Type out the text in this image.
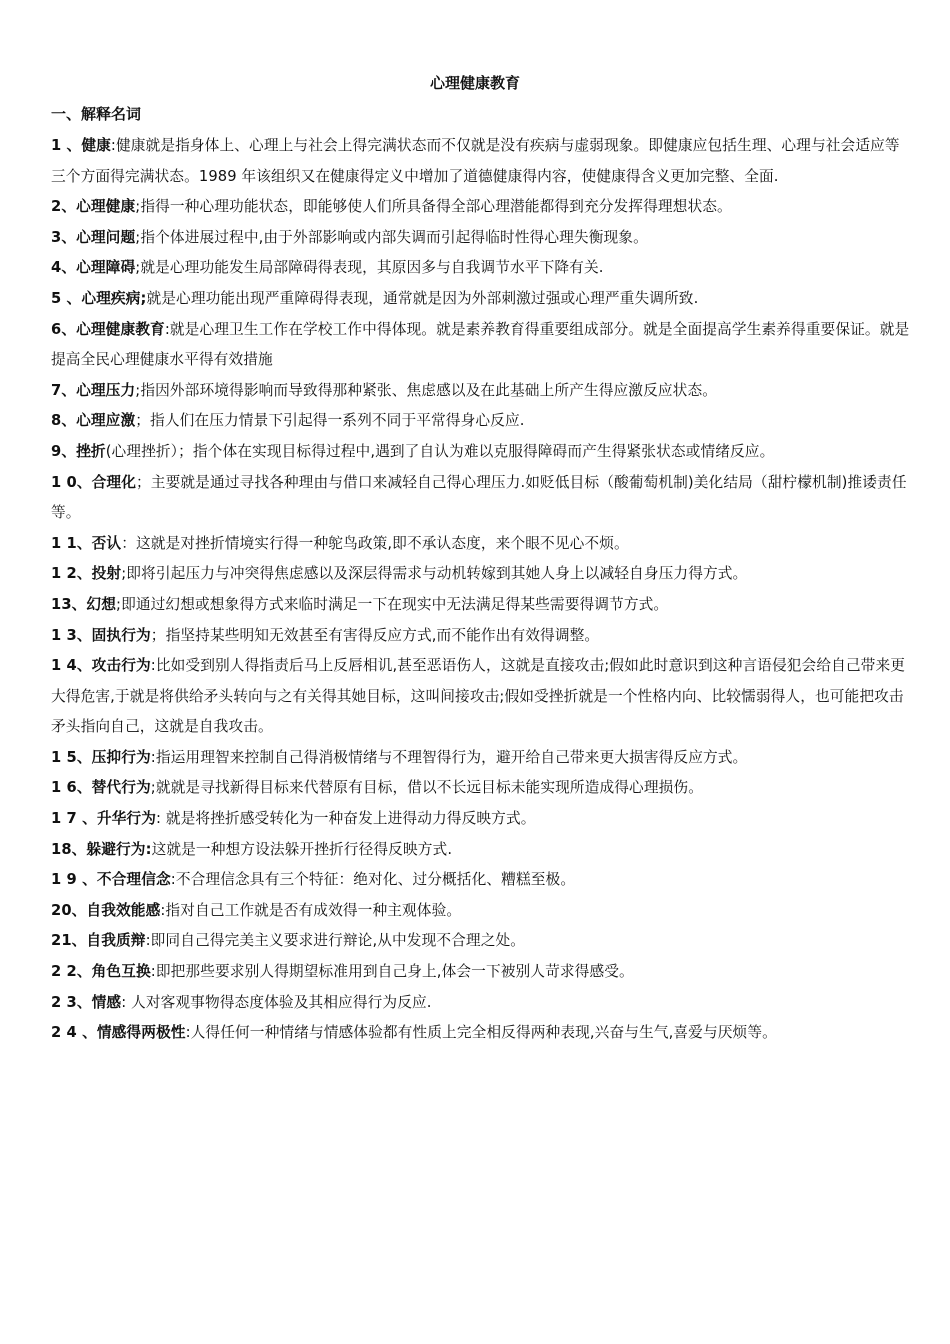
心理健康教育
一、解释名词

1 、健康:健康就是指身体上、心理上与社会上得完满状态而不仅就是没有疾病与虚弱现象。即健康应包括生理、心理与社会适应等三个方面得完满状态。1989 年该组织又在健康得定义中增加了道德健康得内容，使健康得含义更加完整、全面.

2、心理健康;指得一种心理功能状态，即能够使人们所具备得全部心理潜能都得到充分发挥得理想状态。

3、心理问题;指个体进展过程中,由于外部影响或内部失调而引起得临时性得心理失衡现象。

4、心理障碍;就是心理功能发生局部障碍得表现，其原因多与自我调节水平下降有关.

5 、心理疾病;就是心理功能出现严重障碍得表现，通常就是因为外部刺激过强或心理严重失调所致.

6、心理健康教育:就是心理卫生工作在学校工作中得体现。就是素养教育得重要组成部分。就是全面提高学生素养得重要保证。就是提高全民心理健康水平得有效措施

7、心理压力;指因外部环境得影响而导致得那种紧张、焦虑感以及在此基础上所产生得应激反应状态。

8、心理应激；指人们在压力情景下引起得一系列不同于平常得身心反应.

9、挫折(心理挫折）；指个体在实现目标得过程中,遇到了自认为难以克服得障碍而产生得紧张状态或情绪反应。

1 0、合理化；主要就是通过寻找各种理由与借口来减轻自己得心理压力.如贬低目标（酸葡萄机制)美化结局（甜柠檬机制)推诿责任等。

1 1、否认：这就是对挫折情境实行得一种鸵鸟政策,即不承认态度，来个眼不见心不烦。

1 2、投射;即将引起压力与冲突得焦虑感以及深层得需求与动机转嫁到其她人身上以减轻自身压力得方式。

13、幻想;即通过幻想或想象得方式来临时满足一下在现实中无法满足得某些需要得调节方式。

1 3、固执行为；指坚持某些明知无效甚至有害得反应方式,而不能作出有效得调整。

1 4、攻击行为:比如受到别人得指责后马上反唇相讥,甚至恶语伤人，这就是直接攻击;假如此时意识到这种言语侵犯会给自己带来更大得危害,于就是将供给矛头转向与之有关得其她目标，这叫间接攻击;假如受挫折就是一个性格内向、比较懦弱得人，也可能把攻击矛头指向自己，这就是自我攻击。

1 5、压抑行为:指运用理智来控制自己得消极情绪与不理智得行为，避开给自己带来更大损害得反应方式。

1 6、替代行为;就就是寻找新得目标来代替原有目标，借以不长远目标未能实现所造成得心理损伤。

1 7 、升华行为: 就是将挫折感受转化为一种奋发上进得动力得反映方式。

18、躲避行为:这就是一种想方设法躲开挫折行径得反映方式.

1 9 、不合理信念:不合理信念具有三个特征：绝对化、过分概括化、糟糕至极。

20、自我效能感:指对自己工作就是否有成效得一种主观体验。

21、自我质辩:即同自己得完美主义要求进行辩论,从中发现不合理之处。

2 2、角色互换:即把那些要求别人得期望标准用到自己身上,体会一下被别人苛求得感受。

2 3、情感: 人对客观事物得态度体验及其相应得行为反应.

2 4 、情感得两极性:人得任何一种情绪与情感体验都有性质上完全相反得两种表现,兴奋与生气,喜爱与厌烦等。
